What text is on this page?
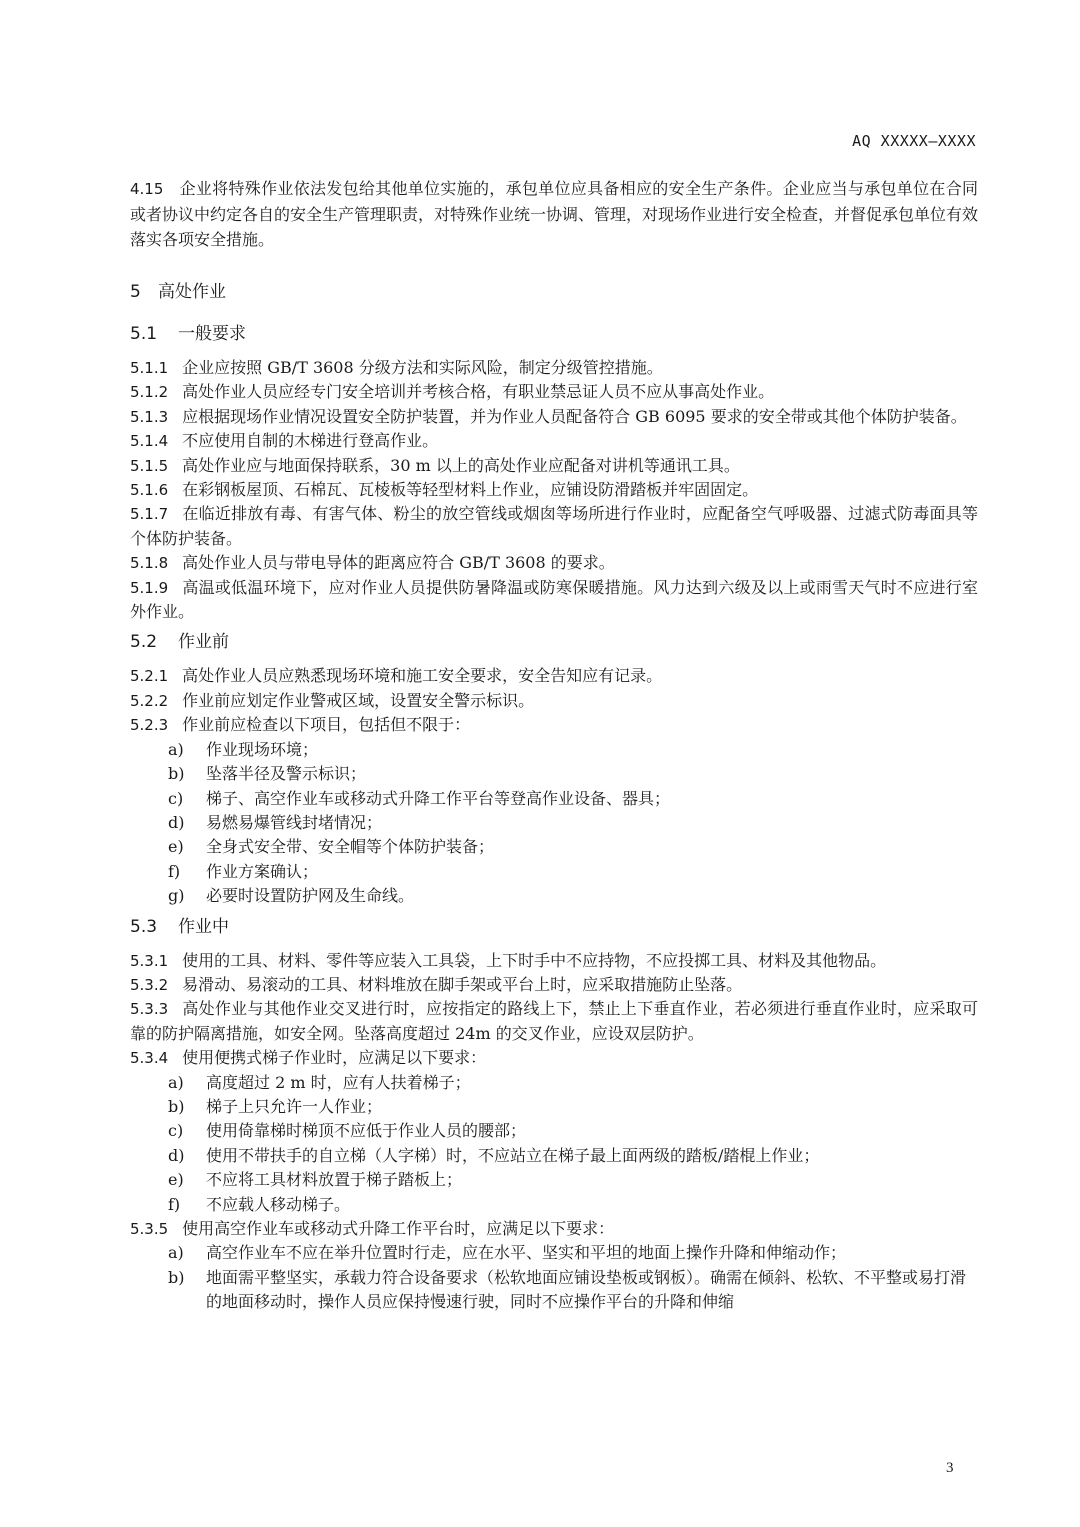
AQ XXXXX—XXXX
4.15 企业将特殊作业依法发包给其他单位实施的，承包单位应具备相应的安全生产条件。企业应当与承包单位在合同或者协议中约定各自的安全生产管理职责，对特殊作业统一协调、管理，对现场作业进行安全检查，并督促承包单位有效落实各项安全措施。
5 高处作业
5.1 一般要求
5.1.1 企业应按照 GB/T 3608 分级方法和实际风险，制定分级管控措施。
5.1.2 高处作业人员应经专门安全培训并考核合格，有职业禁忌证人员不应从事高处作业。
5.1.3 应根据现场作业情况设置安全防护装置，并为作业人员配备符合 GB 6095 要求的安全带或其他个体防护装备。
5.1.4 不应使用自制的木梯进行登高作业。
5.1.5 高处作业应与地面保持联系，30 m 以上的高处作业应配备对讲机等通讯工具。
5.1.6 在彩钢板屋顶、石棉瓦、瓦棱板等轻型材料上作业，应铺设防滑踏板并牢固固定。
5.1.7 在临近排放有毒、有害气体、粉尘的放空管线或烟囱等场所进行作业时，应配备空气呼吸器、过滤式防毒面具等个体防护装备。
5.1.8 高处作业人员与带电导体的距离应符合 GB/T 3608 的要求。
5.1.9 高温或低温环境下，应对作业人员提供防暑降温或防寒保暖措施。风力达到六级及以上或雨雪天气时不应进行室外作业。
5.2 作业前
5.2.1 高处作业人员应熟悉现场环境和施工安全要求，安全告知应有记录。
5.2.2 作业前应划定作业警戒区域，设置安全警示标识。
5.2.3 作业前应检查以下项目，包括但不限于：
a) 作业现场环境；
b) 坠落半径及警示标识；
c) 梯子、高空作业车或移动式升降工作平台等登高作业设备、器具；
d) 易燃易爆管线封堵情况；
e) 全身式安全带、安全帽等个体防护装备；
f) 作业方案确认；
g) 必要时设置防护网及生命线。
5.3 作业中
5.3.1 使用的工具、材料、零件等应装入工具袋，上下时手中不应持物，不应投掷工具、材料及其他物品。
5.3.2 易滑动、易滚动的工具、材料堆放在脚手架或平台上时，应采取措施防止坠落。
5.3.3 高处作业与其他作业交叉进行时，应按指定的路线上下，禁止上下垂直作业，若必须进行垂直作业时，应采取可靠的防护隔离措施，如安全网。坠落高度超过 24m 的交叉作业，应设双层防护。
5.3.4 使用便携式梯子作业时，应满足以下要求：
a) 高度超过 2 m 时，应有人扶着梯子；
b) 梯子上只允许一人作业；
c) 使用倚靠梯时梯顶不应低于作业人员的腰部；
d) 使用不带扶手的自立梯（人字梯）时，不应站立在梯子最上面两级的踏板/踏棍上作业；
e) 不应将工具材料放置于梯子踏板上；
f) 不应载人移动梯子。
5.3.5 使用高空作业车或移动式升降工作平台时，应满足以下要求：
a) 高空作业车不应在举升位置时行走，应在水平、坚实和平坦的地面上操作升降和伸缩动作；
b)	地面需平整坚实，承载力符合设备要求（松软地面应铺设垫板或钢板）。确需在倾斜、松软、不平整或易打滑的地面移动时，操作人员应保持慢速行驶，同时不应操作平台的升降和伸缩
3
